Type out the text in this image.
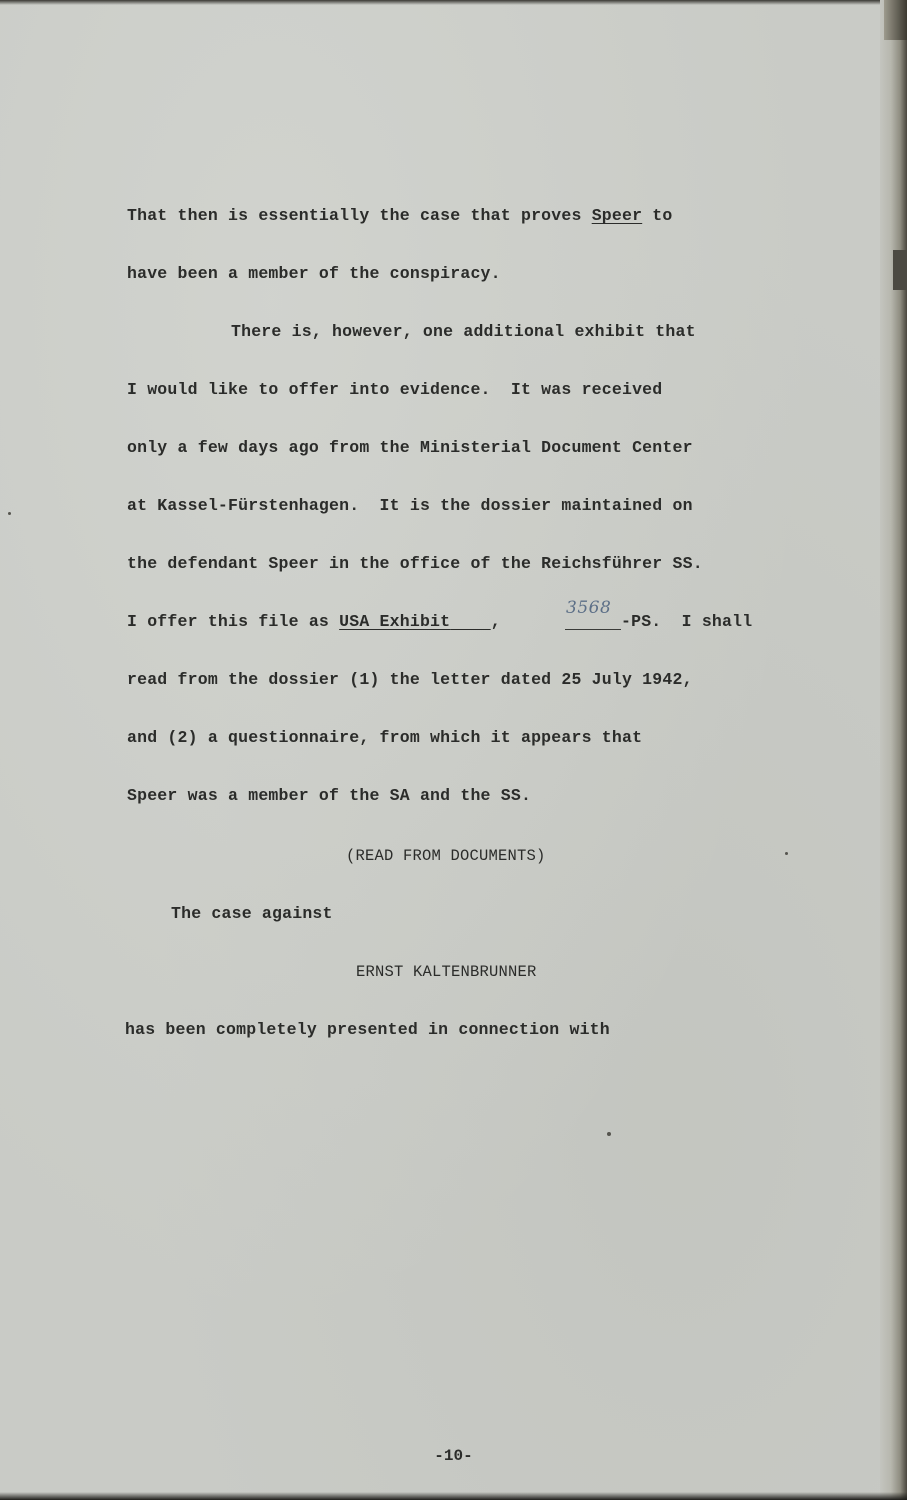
That then is essentially the case that proves Speer to
have been a member of the conspiracy.
There is, however, one additional exhibit that
I would like to offer into evidence.  It was received
only a few days ago from the Ministerial Document Center
at Kassel-Fürstenhagen.  It is the dossier maintained on
the defendant Speer in the office of the Reichsführer SS.
I offer this file as USA Exhibit ,
3568
-PS.  I shall
read from the dossier (1) the letter dated 25 July 1942,
and (2) a questionnaire, from which it appears that
Speer was a member of the SA and the SS.
(READ FROM DOCUMENTS)
The case against
ERNST KALTENBRUNNER
has been completely presented in connection with
-10-
